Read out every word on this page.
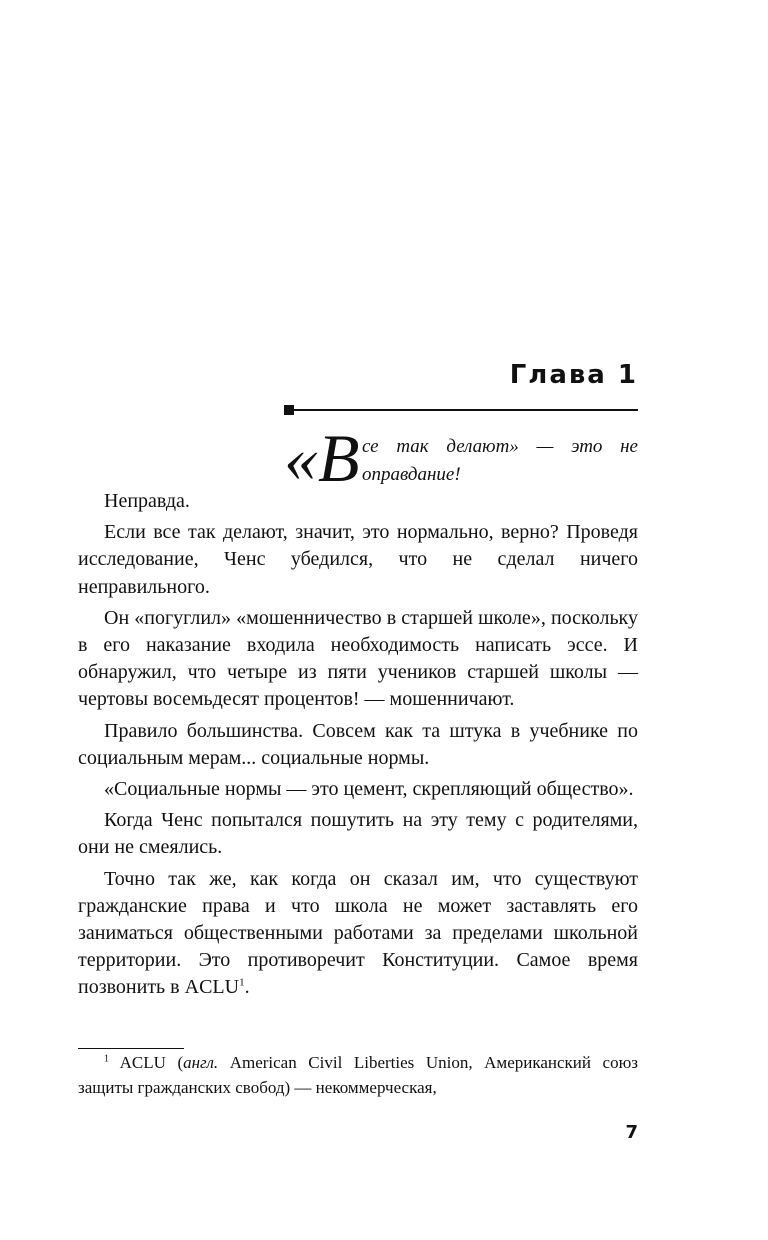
Глава 1
«В се так делают» — это не
оправдание!

Неправда.

Если все так делают, значит, это нормально, верно? Проведя исследование, Ченс убедился, что не сделал ничего неправильного.

Он «погуглил» «мошенничество в старшей школе», поскольку в его наказание входила необходимость написать эссе. И обнаружил, что четыре из пяти учеников старшей школы — чертовы восемьдесят процентов! — мошенничают.

Правило большинства. Совсем как та штука в учебнике по социальным мерам... социальные нормы.

«Социальные нормы — это цемент, скрепляющий общество».

Когда Ченс попытался пошутить на эту тему с родителями, они не смеялись.

Точно так же, как когда он сказал им, что существуют гражданские права и что школа не может заставлять его заниматься общественными работами за пределами школьной территории. Это противоречит Конституции. Самое время позвонить в ACLU$^1$.

$^1$ ACLU (англ. American Civil Liberties Union, Американский союз защиты гражданских свобод) — некоммерческая,
7
